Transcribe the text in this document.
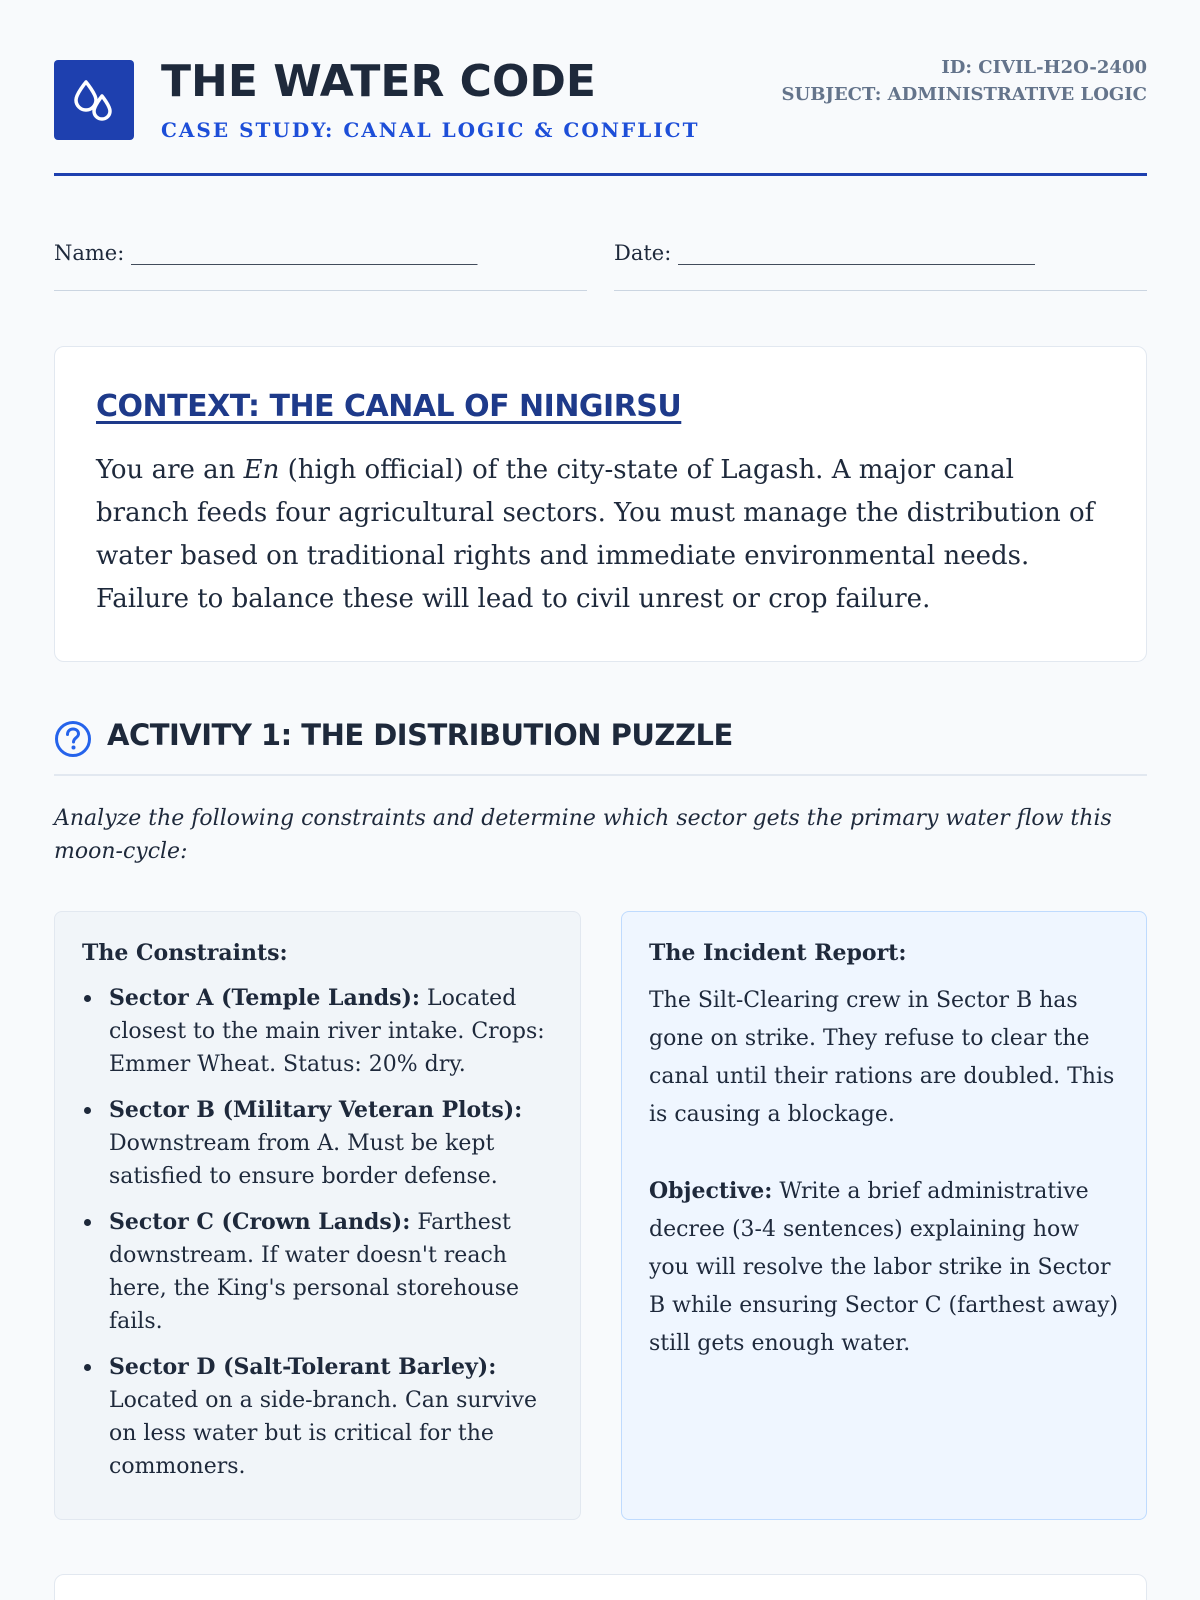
THE WATER CODE
CASE STUDY: CANAL LOGIC & CONFLICT
ID: CIVIL-H2O-2400
SUBJECT: ADMINISTRATIVE LOGIC
Name: _________________________________	Date: __________________________________
CONTEXT: THE CANAL OF NINGIRSU
You are an En (high official) of the city-state of Lagash. A major canal branch feeds four agricultural sectors. You must manage the distribution of water based on traditional rights and immediate environmental needs. Failure to balance these will lead to civil unrest or crop failure.
ACTIVITY 1: THE DISTRIBUTION PUZZLE
Analyze the following constraints and determine which sector gets the primary water flow this moon-cycle:
The Constraints:
Sector A (Temple Lands): Located closest to the main river intake. Crops: Emmer Wheat. Status: 20% dry.
Sector B (Military Veteran Plots): Downstream from A. Must be kept satisfied to ensure border defense.
Sector C (Crown Lands): Farthest downstream. If water doesn't reach here, the King's personal storehouse fails.
Sector D (Salt-Tolerant Barley): Located on a side-branch. Can survive on less water but is critical for the commoners.
The Incident Report:
The Silt-Clearing crew in Sector B has gone on strike. They refuse to clear the canal until their rations are doubled. This is causing a blockage.
Objective: Write a brief administrative decree (3-4 sentences) explaining how you will resolve the labor strike in Sector B while ensuring Sector C (farthest away) still gets enough water.
